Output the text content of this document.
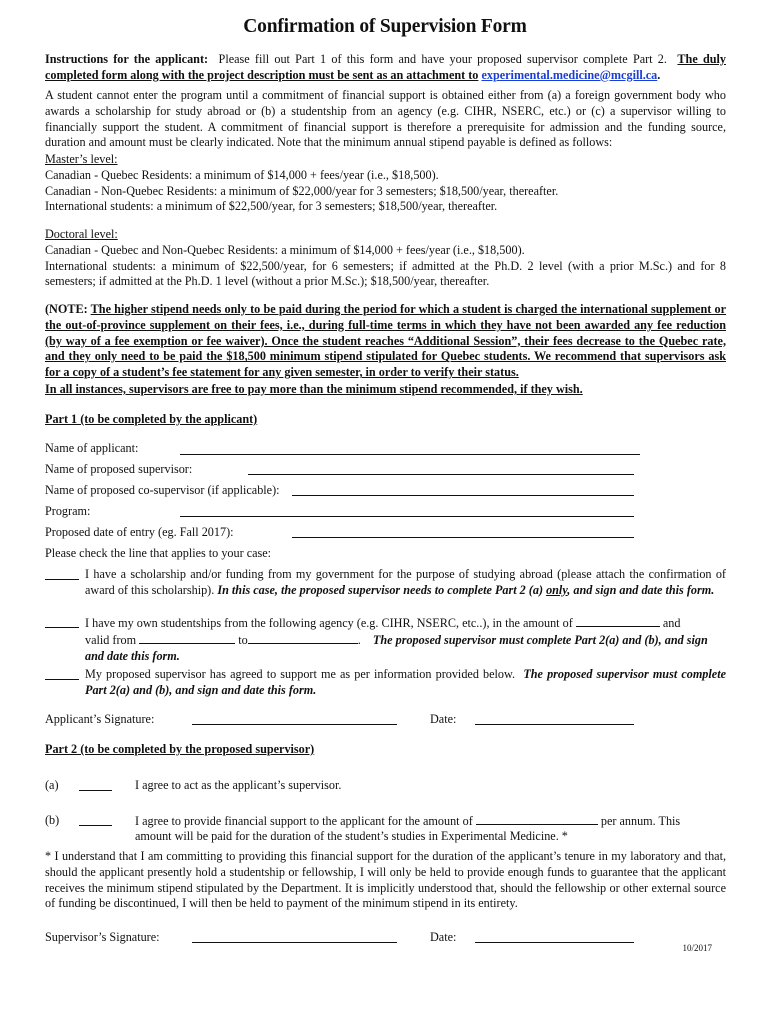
Confirmation of Supervision Form
Instructions for the applicant: Please fill out Part 1 of this form and have your proposed supervisor complete Part 2. The duly completed form along with the project description must be sent as an attachment to experimental.medicine@mcgill.ca.
A student cannot enter the program until a commitment of financial support is obtained either from (a) a foreign government body who awards a scholarship for study abroad or (b) a studentship from an agency (e.g. CIHR, NSERC, etc.) or (c) a supervisor willing to financially support the student. A commitment of financial support is therefore a prerequisite for admission and the funding source, duration and amount must be clearly indicated. Note that the minimum annual stipend payable is defined as follows:
Master’s level:
Canadian - Quebec Residents: a minimum of $14,000 + fees/year (i.e., $18,500).
Canadian - Non-Quebec Residents: a minimum of $22,000/year for 3 semesters; $18,500/year, thereafter.
International students: a minimum of $22,500/year, for 3 semesters; $18,500/year, thereafter.
Doctoral level:
Canadian - Quebec and Non-Quebec Residents: a minimum of $14,000 + fees/year (i.e., $18,500).
International students: a minimum of $22,500/year, for 6 semesters; if admitted at the Ph.D. 2 level (with a prior M.Sc.) and for 8 semesters; if admitted at the Ph.D. 1 level (without a prior M.Sc.); $18,500/year, thereafter.
(NOTE: The higher stipend needs only to be paid during the period for which a student is charged the international supplement or the out-of-province supplement on their fees, i.e., during full-time terms in which they have not been awarded any fee reduction (by way of a fee exemption or fee waiver). Once the student reaches “Additional Session”, their fees decrease to the Quebec rate, and they only need to be paid the $18,500 minimum stipend stipulated for Quebec students. We recommend that supervisors ask for a copy of a student’s fee statement for any given semester, in order to verify their status.
In all instances, supervisors are free to pay more than the minimum stipend recommended, if they wish.
Part 1 (to be completed by the applicant)
Name of applicant:
Name of proposed supervisor:
Name of proposed co-supervisor (if applicable):
Program:
Proposed date of entry (eg. Fall 2017):
Please check the line that applies to your case:
I have a scholarship and/or funding from my government for the purpose of studying abroad (please attach the confirmation of award of this scholarship). In this case, the proposed supervisor needs to complete Part 2 (a) only, and sign and date this form.
I have my own studentships from the following agency (e.g. CIHR, NSERC, etc..), in the amount of	and
valid from	to	. The proposed supervisor must complete Part 2(a) and (b), and sign and date this form.
My proposed supervisor has agreed to support me as per information provided below. The proposed supervisor must complete Part 2(a) and (b), and sign and date this form.
Applicant’s Signature:	Date:
Part 2 (to be completed by the proposed supervisor)
(a)	I agree to act as the applicant’s supervisor.
(b)	I agree to provide financial support to the applicant for the amount of	per annum. This
amount will be paid for the duration of the student’s studies in Experimental Medicine. *
* I understand that I am committing to providing this financial support for the duration of the applicant’s tenure in my laboratory and that, should the applicant presently hold a studentship or fellowship, I will only be held to provide enough funds to guarantee that the applicant receives the minimum stipend stipulated by the Department. It is implicitly understood that, should the fellowship or other external source of funding be discontinued, I will then be held to payment of the minimum stipend in its entirety.
Supervisor’s Signature:	Date:
10/2017
